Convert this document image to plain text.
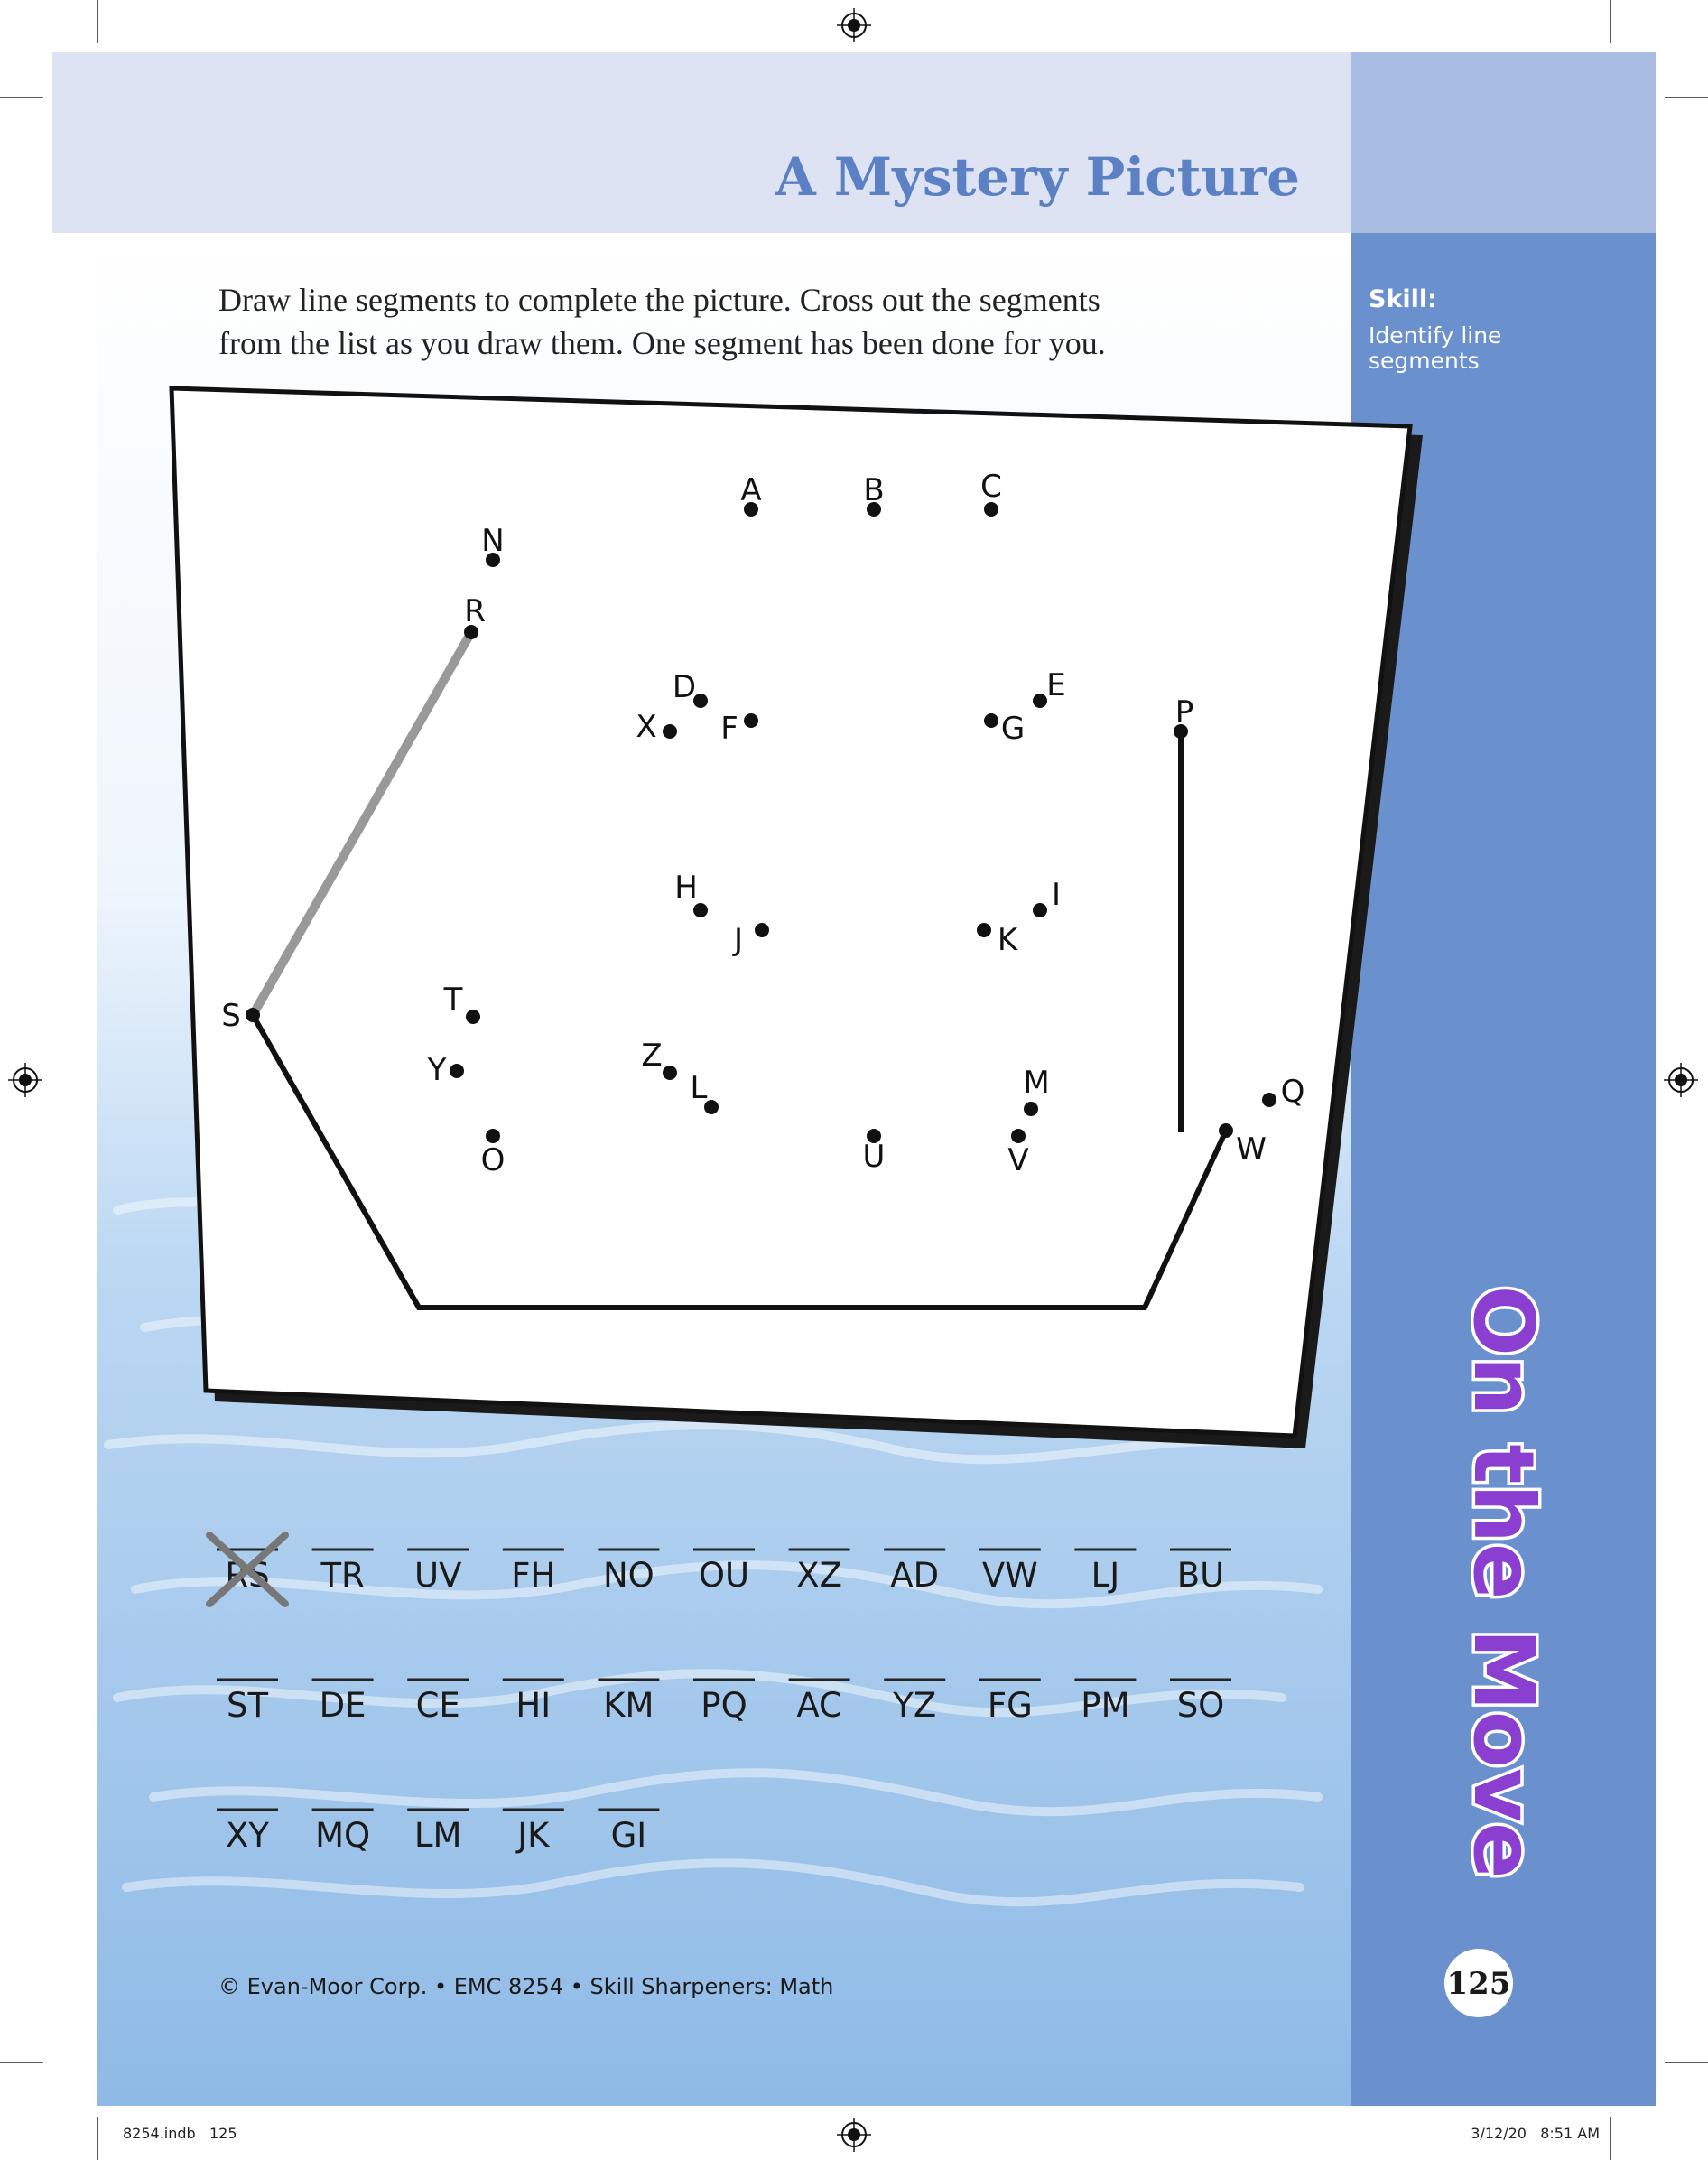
A Mystery Picture
Draw line segments to complete the picture. Cross out the segments
from the list as you draw them. One segment has been done for you.
Skill:
Identify line
segments
On the Move
125
A	B	C
N
R
D
X F	G
E
P
H
J	K
I
S	T
Y	Z
L	M	Q
W
O	U	V
RS TR UV FH NO OU XZ AD VW LJ BU
ST DE CE HI KM PQ AC YZ FG PM SO
XY MQ LM JK GI
© Evan-Moor Corp. • EMC 8254 • Skill Sharpeners: Math
8254.indb   125	3/12/20   8:51 AM
